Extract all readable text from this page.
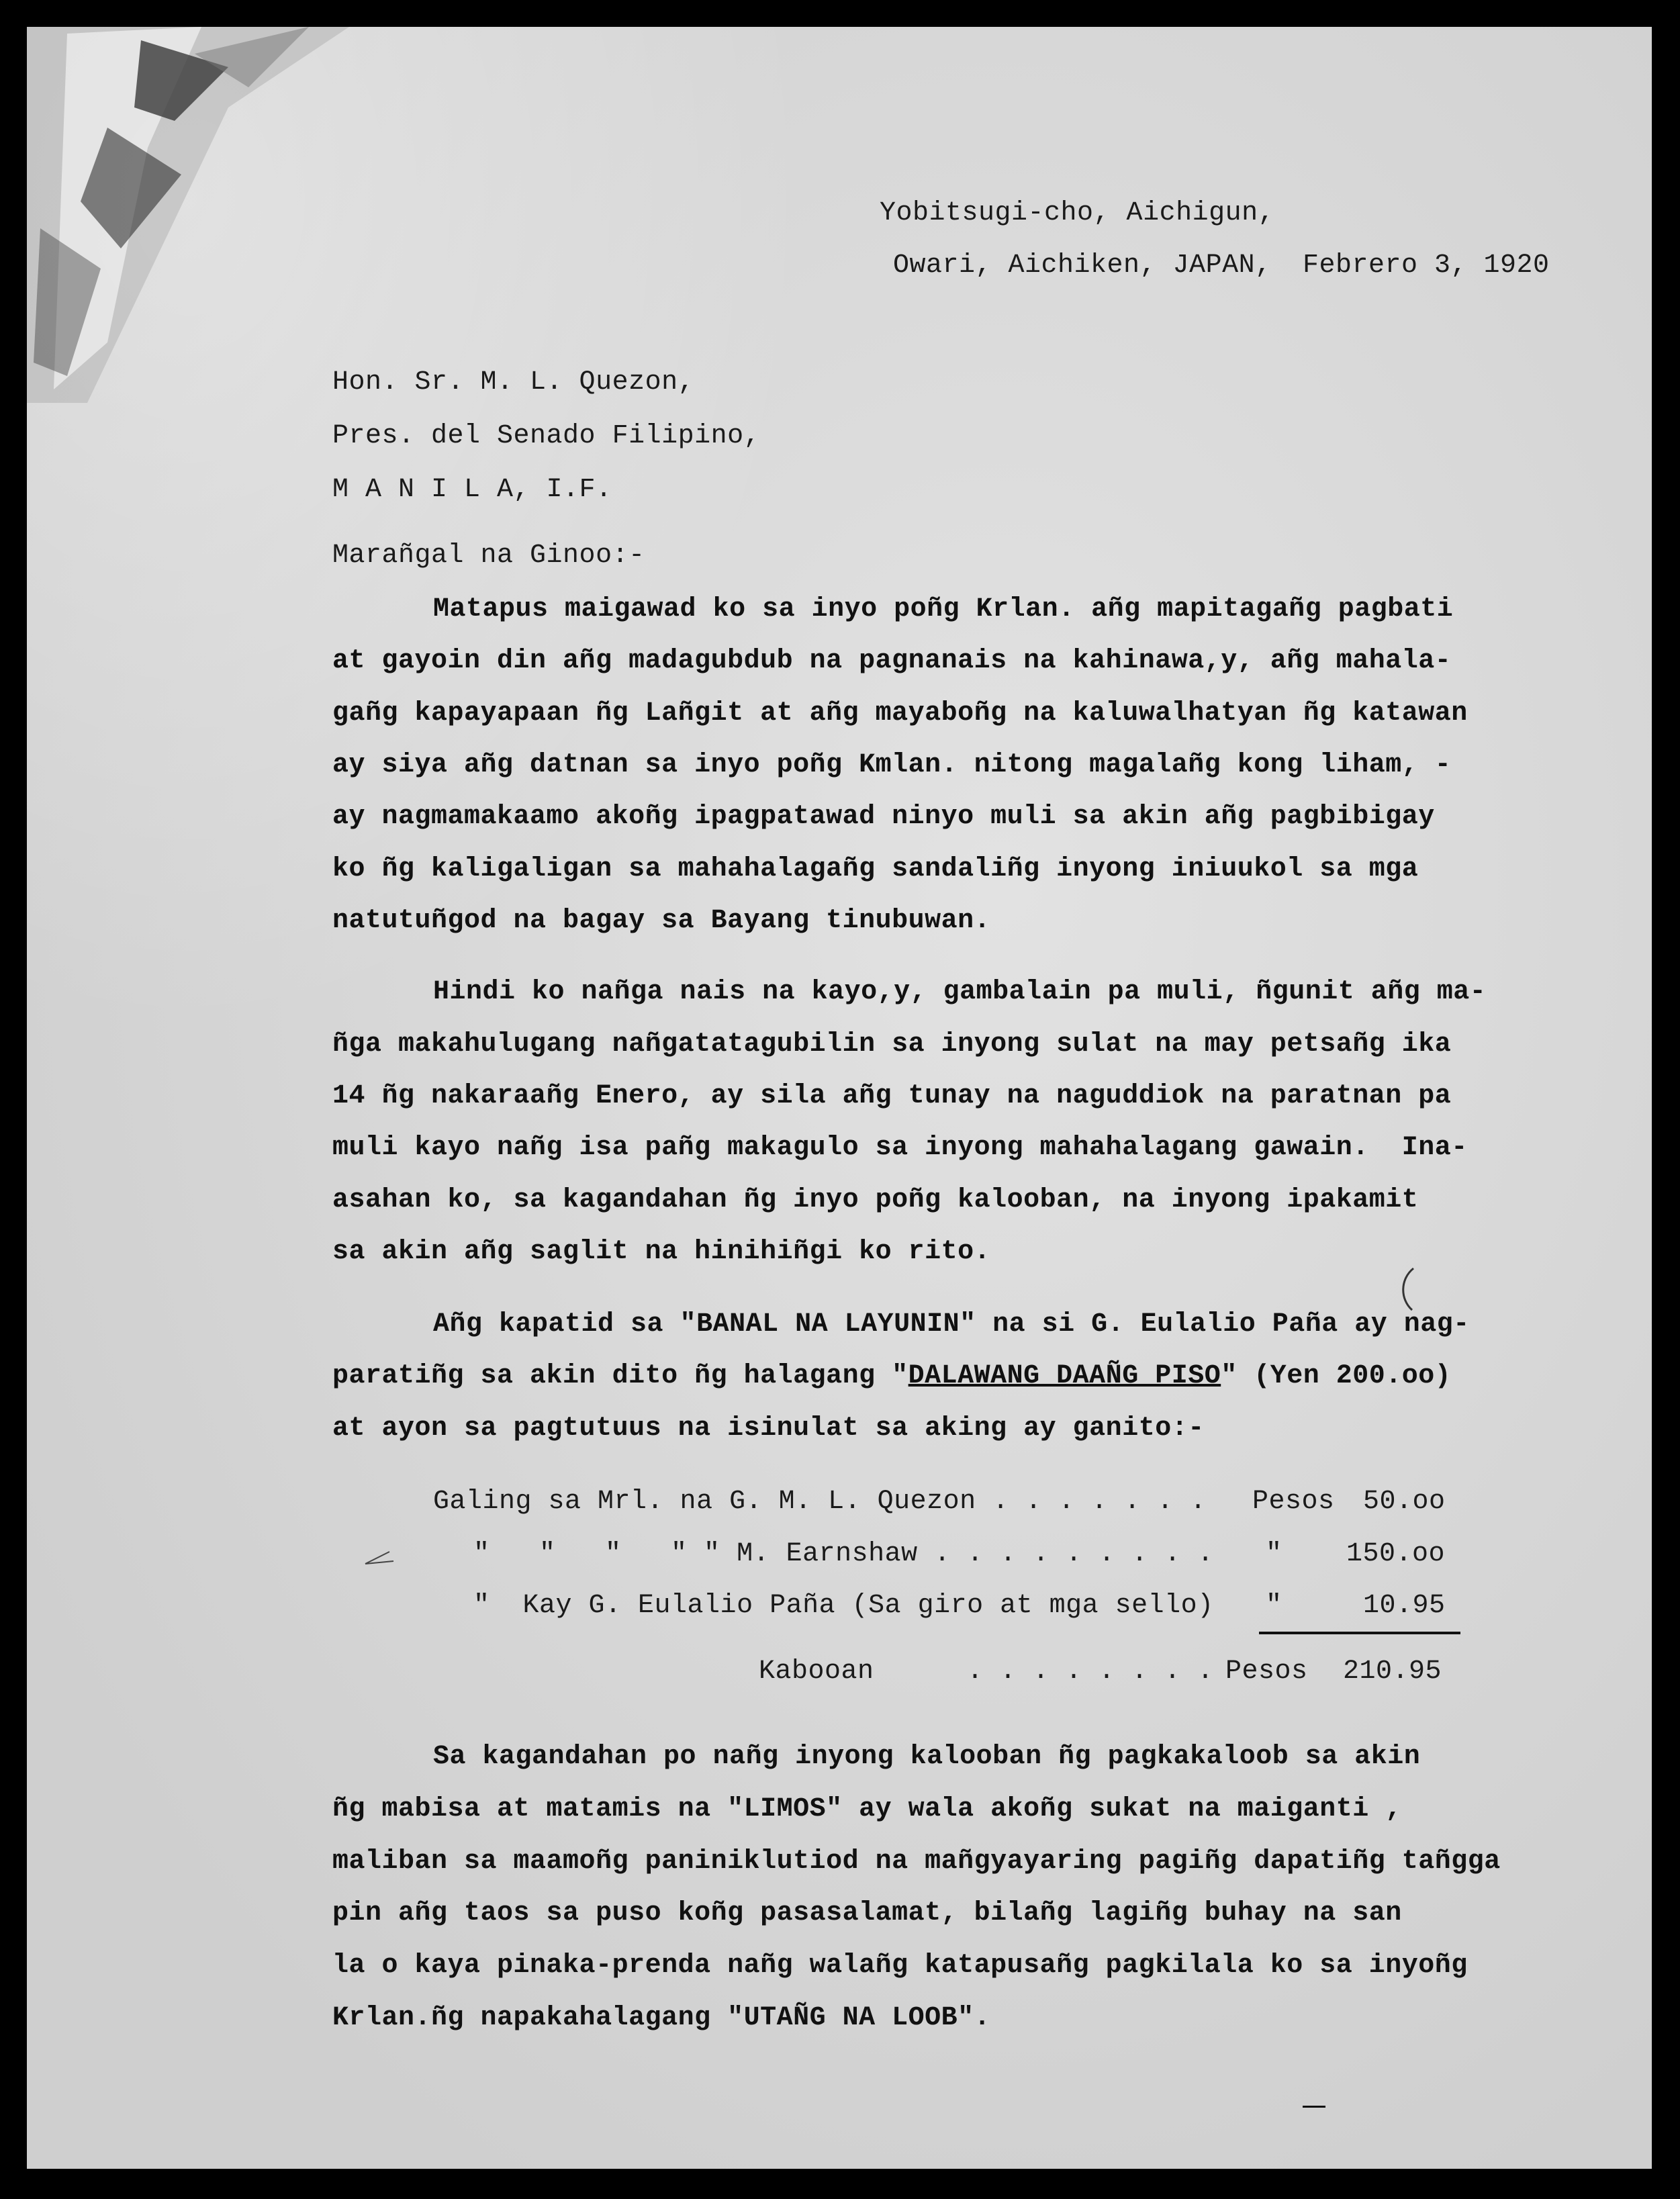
Yobitsugi-cho, Aichigun,
Owari, Aichiken, JAPAN, Febrero 3, 1920
Hon. Sr. M. L. Quezon,
Pres. del Senado Filipino,
M A N I L A, I.F.
Marañgal na Ginoo:-
Matapus maigawad ko sa inyo poñg Krlan. añg mapitagañg pagbati
at gayoin din añg madagubdub na pagnanais na kahinawa,y, añg mahala-
gañg kapayapaan ñg Lañgit at añg mayaboñg na kaluwalhatyan ñg katawan
ay siya añg datnan sa inyo poñg Kmlan. nitong magalañg kong liham, -
ay nagmamakaamo akoñg ipagpatawad ninyo muli sa akin añg pagbibigay
ko ñg kaligaligan sa mahahalagañg sandaliñg inyong iniuukol sa mga
natutuñgod na bagay sa Bayang tinubuwan.
Hindi ko nañga nais na kayo,y, gambalain pa muli, ñgunit añg ma-
ñga makahulugang nañgatatagubilin sa inyong sulat na may petsañg ika
14 ñg nakaraañg Enero, ay sila añg tunay na naguddiok na paratnan pa
muli kayo nañg isa pañg makagulo sa inyong mahahalagang gawain.  Ina-
asahan ko, sa kagandahan ñg inyo poñg kalooban, na inyong ipakamit
sa akin añg saglit na hinihiñgi ko rito.
Añg kapatid sa "BANAL NA LAYUNIN" na si G. Eulalio Paña ay nag-
paratiñg sa akin dito ñg halagang "DALAWANG DAAÑG PISO" (Yen 200.oo)
at ayon sa pagtutuus na isinulat sa aking ay ganito:-
Galing sa Mrl. na G. M. L. Quezon . . . . . . . Pesos 50.oo
"   "   "   " " M. Earnshaw . . . . . . . . . " 150.oo
"  Kay G. Eulalio Paña (Sa giro at mga sello) "	10.95
Kabooan	. . . . . . . . Pesos 210.95
Sa kagandahan po nañg inyong kalooban ñg pagkakaloob sa akin
ñg mabisa at matamis na "LIMOS" ay wala akoñg sukat na maiganti ,
maliban sa maamoñg paniniklutiod na mañgyayaring pagiñg dapatiñg tañgga
pin añg taos sa puso koñg pasasalamat, bilañg lagiñg buhay na san
la o kaya pinaka-prenda nañg walañg katapusañg pagkilala ko sa inyoñg
Krlan.ñg napakahalagang "UTAÑG NA LOOB".
